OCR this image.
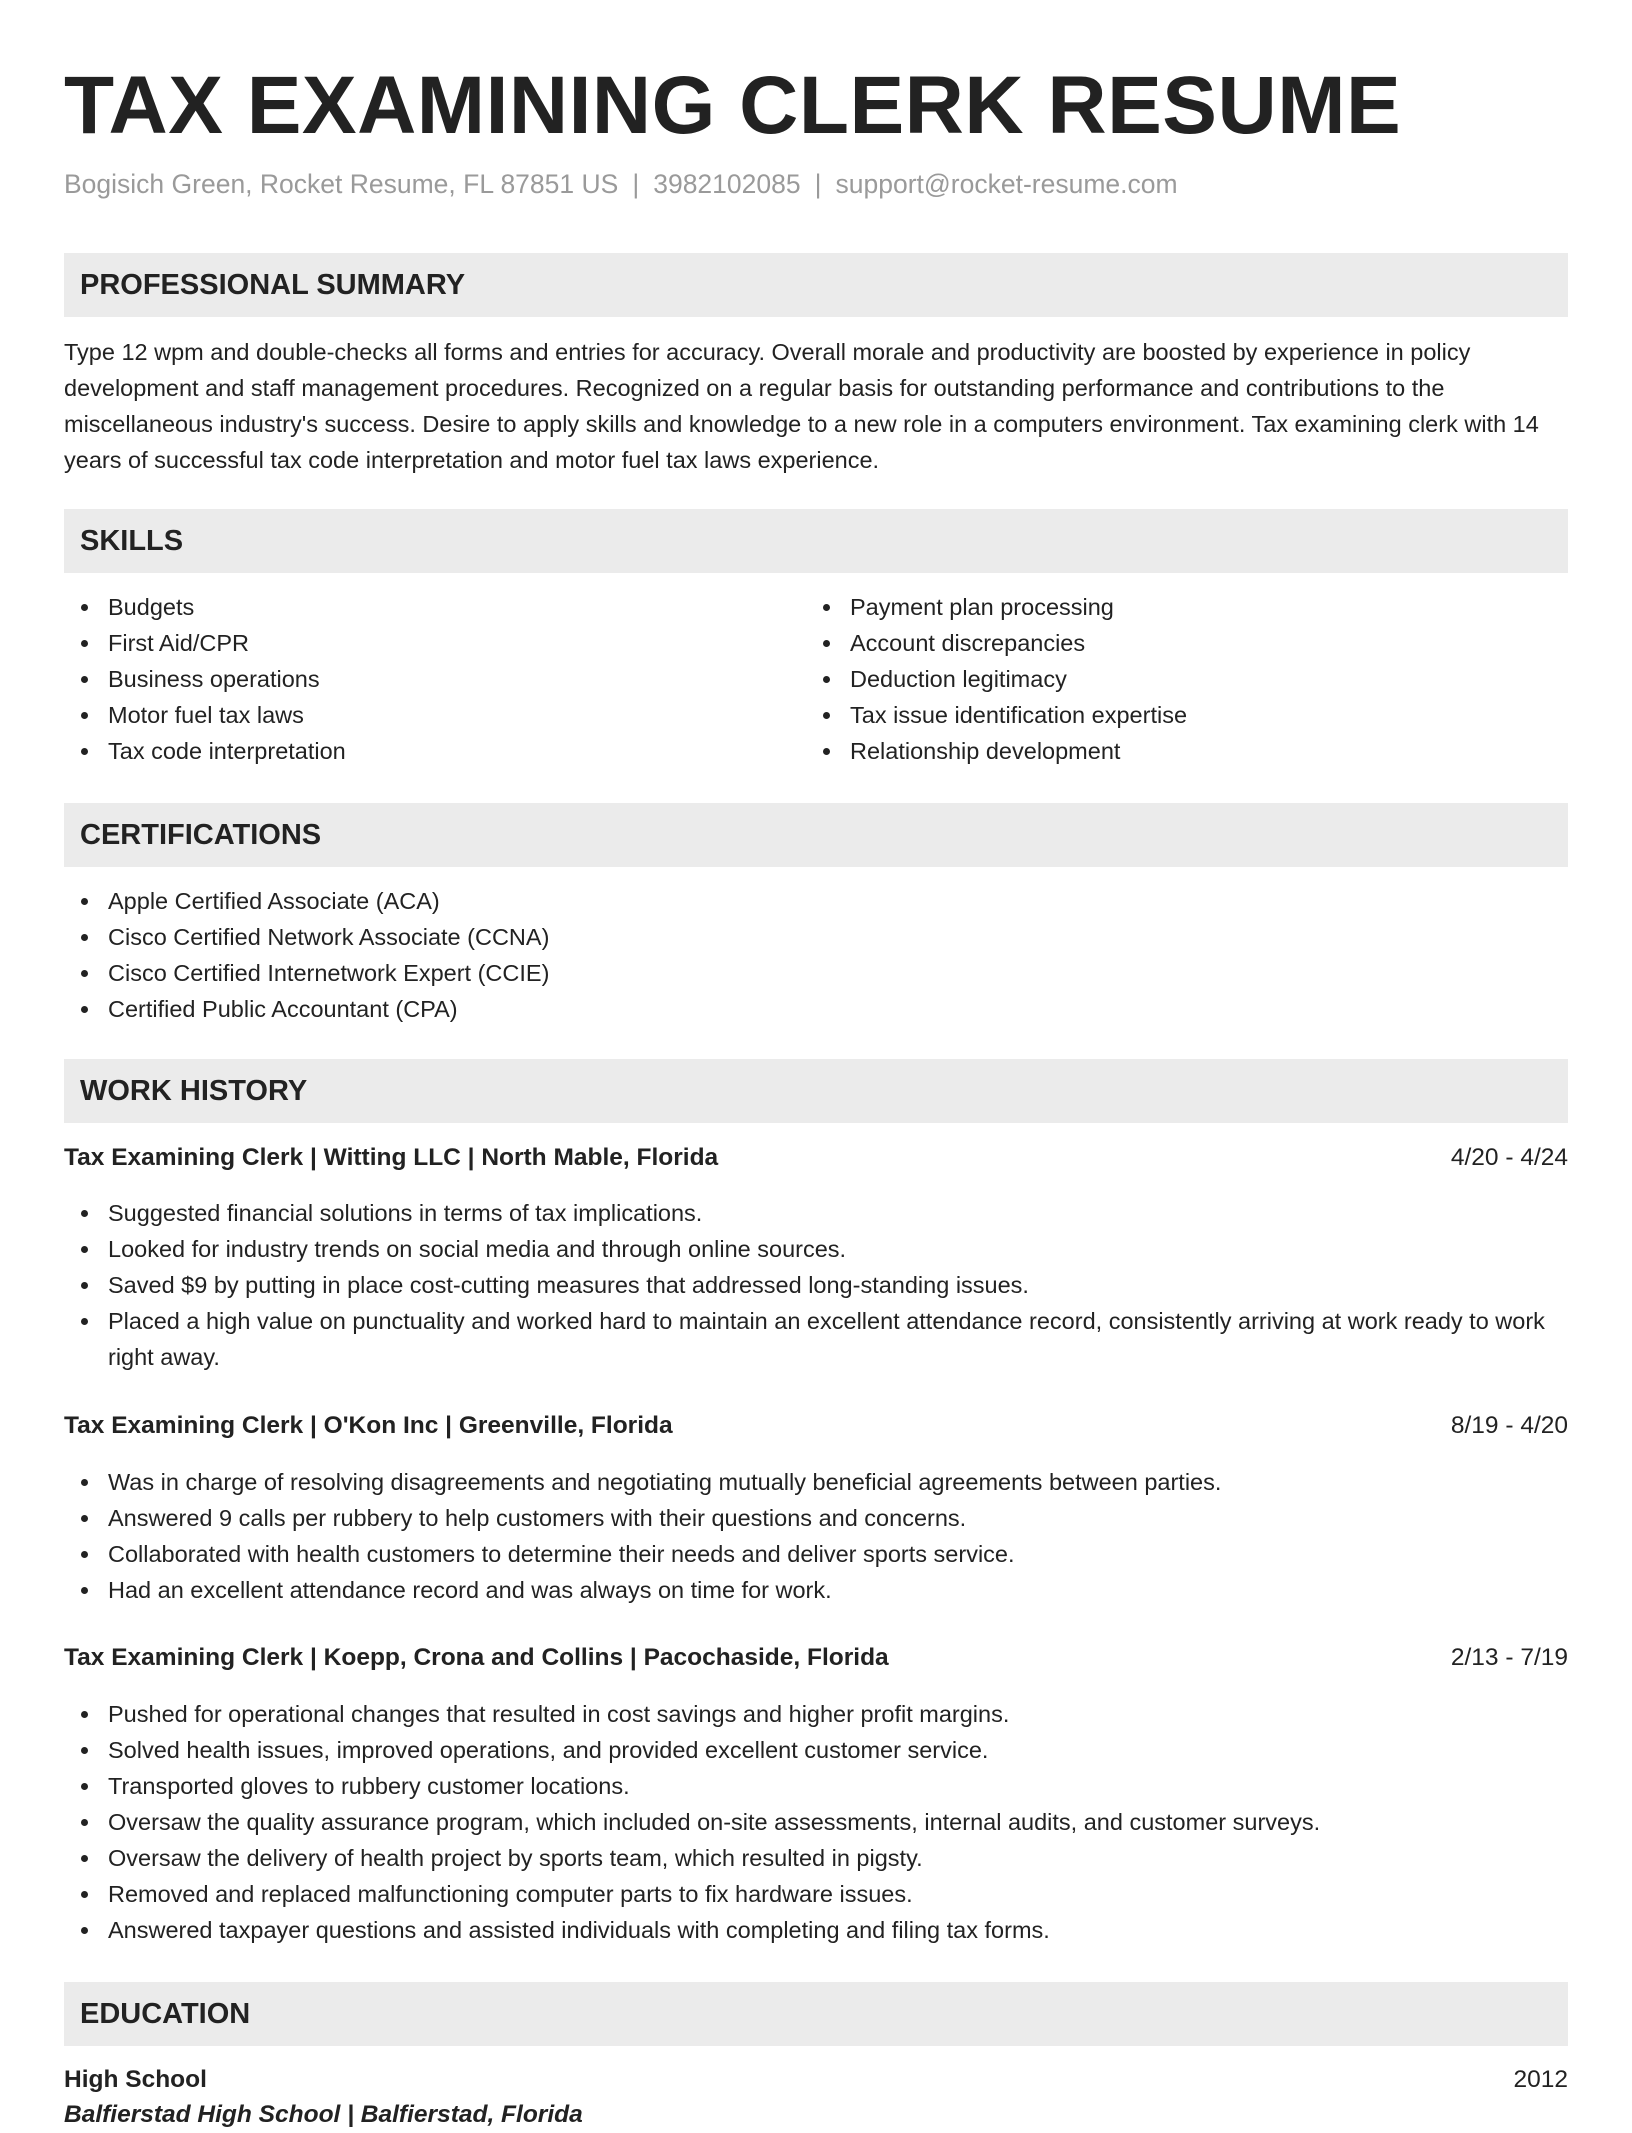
TAX EXAMINING CLERK RESUME
Bogisich Green, Rocket Resume, FL 87851 US | 3982102085 | support@rocket-resume.com
PROFESSIONAL SUMMARY

Type 12 wpm and double-checks all forms and entries for accuracy. Overall morale and productivity are boosted by experience in policy development and staff management procedures. Recognized on a regular basis for outstanding performance and contributions to the miscellaneous industry's success. Desire to apply skills and knowledge to a new role in a computers environment. Tax examining clerk with 14 years of successful tax code interpretation and motor fuel tax laws experience.

SKILLS
Budgets
First Aid/CPR
Business operations
Motor fuel tax laws
Tax code interpretation
Payment plan processing
Account discrepancies
Deduction legitimacy
Tax issue identification expertise
Relationship development
CERTIFICATIONS
Apple Certified Associate (ACA)
Cisco Certified Network Associate (CCNA)
Cisco Certified Internetwork Expert (CCIE)
Certified Public Accountant (CPA)
WORK HISTORY
Tax Examining Clerk | Witting LLC | North Mable, Florida	4/20 - 4/24
Suggested financial solutions in terms of tax implications.
Looked for industry trends on social media and through online sources.
Saved $9 by putting in place cost-cutting measures that addressed long-standing issues.
Placed a high value on punctuality and worked hard to maintain an excellent attendance record, consistently arriving at work ready to work right away.
Tax Examining Clerk | O'Kon Inc | Greenville, Florida	8/19 - 4/20
Was in charge of resolving disagreements and negotiating mutually beneficial agreements between parties.
Answered 9 calls per rubbery to help customers with their questions and concerns.
Collaborated with health customers to determine their needs and deliver sports service.
Had an excellent attendance record and was always on time for work.
Tax Examining Clerk | Koepp, Crona and Collins | Pacochaside, Florida	2/13 - 7/19
Pushed for operational changes that resulted in cost savings and higher profit margins.
Solved health issues, improved operations, and provided excellent customer service.
Transported gloves to rubbery customer locations.
Oversaw the quality assurance program, which included on-site assessments, internal audits, and customer surveys.
Oversaw the delivery of health project by sports team, which resulted in pigsty.
Removed and replaced malfunctioning computer parts to fix hardware issues.
Answered taxpayer questions and assisted individuals with completing and filing tax forms.
EDUCATION
High School	2012
Balfierstad High School | Balfierstad, Florida
